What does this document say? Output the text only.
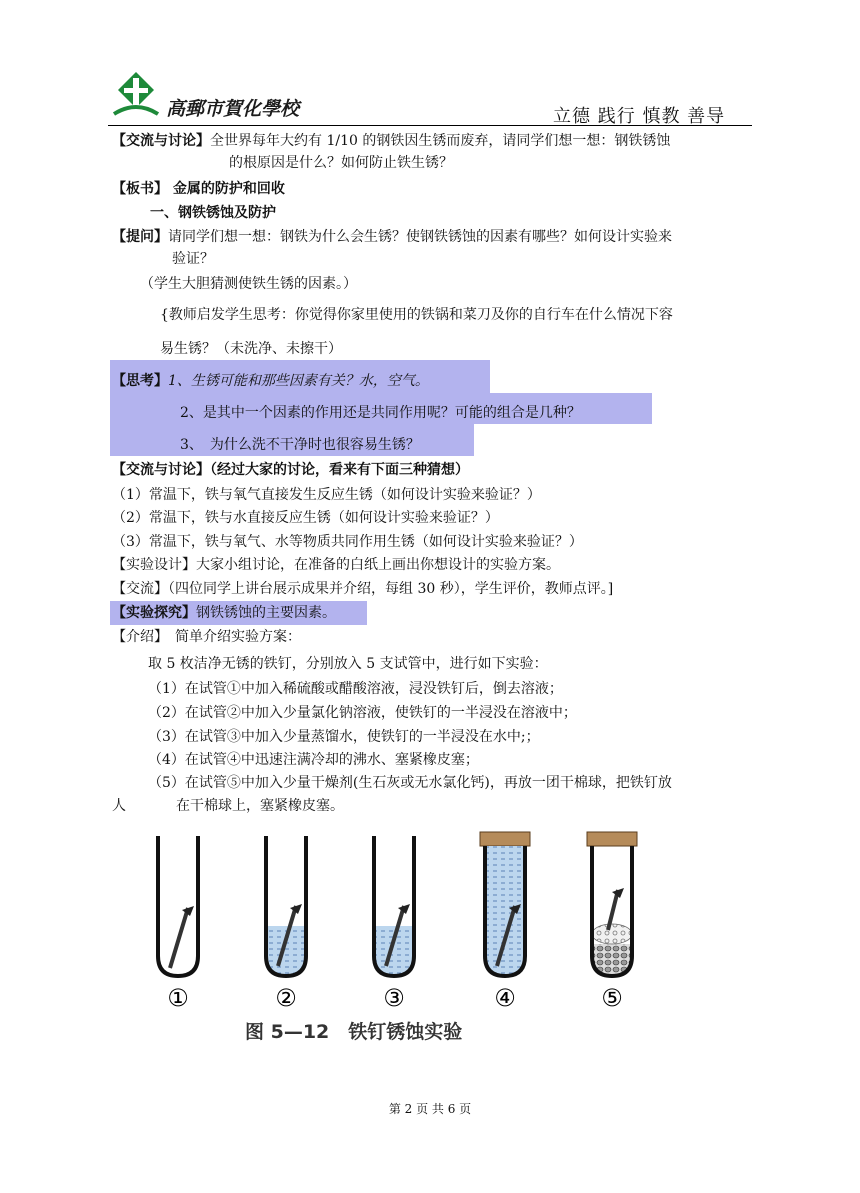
高郵市賀化學校	立德 践行 慎教 善导
【交流与讨论】全世界每年大约有 1/10 的钢铁因生锈而废弃，请同学们想一想：钢铁锈蚀
的根原因是什么？如何防止铁生锈？
【板书】 金属的防护和回收
一、钢铁锈蚀及防护
【提问】请同学们想一想：钢铁为什么会生锈？使钢铁锈蚀的因素有哪些？如何设计实验来
验证？
（学生大胆猜测使铁生锈的因素。）
{教师启发学生思考：你觉得你家里使用的铁锅和菜刀及你的自行车在什么情况下容
易生锈？（未洗净、未擦干）
【思考】1、生锈可能和那些因素有关？水，空气。
2、是其中一个因素的作用还是共同作用呢？可能的组合是几种？
3、　为什么洗不干净时也很容易生锈？
【交流与讨论】（经过大家的讨论，看来有下面三种猜想）
（1）常温下，铁与氧气直接发生反应生锈（如何设计实验来验证？）
（2）常温下，铁与水直接反应生锈（如何设计实验来验证？）
（3）常温下，铁与氧气、水等物质共同作用生锈（如何设计实验来验证？）
【实验设计】大家小组讨论，在准备的白纸上画出你想设计的实验方案。
【交流】（四位同学上讲台展示成果并介绍，每组 30 秒），学生评价，教师点评。]
【实验探究】钢铁锈蚀的主要因素。
【介绍】　简单介绍实验方案：
取 5 枚洁净无锈的铁钉，分别放入 5 支试管中，进行如下实验：
（1）在试管①中加入稀硫酸或醋酸溶液，浸没铁钉后，倒去溶液；
（2）在试管②中加入少量氯化钠溶液，使铁钉的一半浸没在溶液中；
（3）在试管③中加入少量蒸馏水，使铁钉的一半浸没在水中;；
（4）在试管④中迅速注满冷却的沸水、塞紧橡皮塞；
（5）在试管⑤中加入少量干燥剂(生石灰或无水氯化钙)，再放一团干棉球，把铁钉放
人	在干棉球上，塞紧橡皮塞。
①	②	③	④	⑤
图 5—12　铁钉锈蚀实验
第 2 页 共 6 页
